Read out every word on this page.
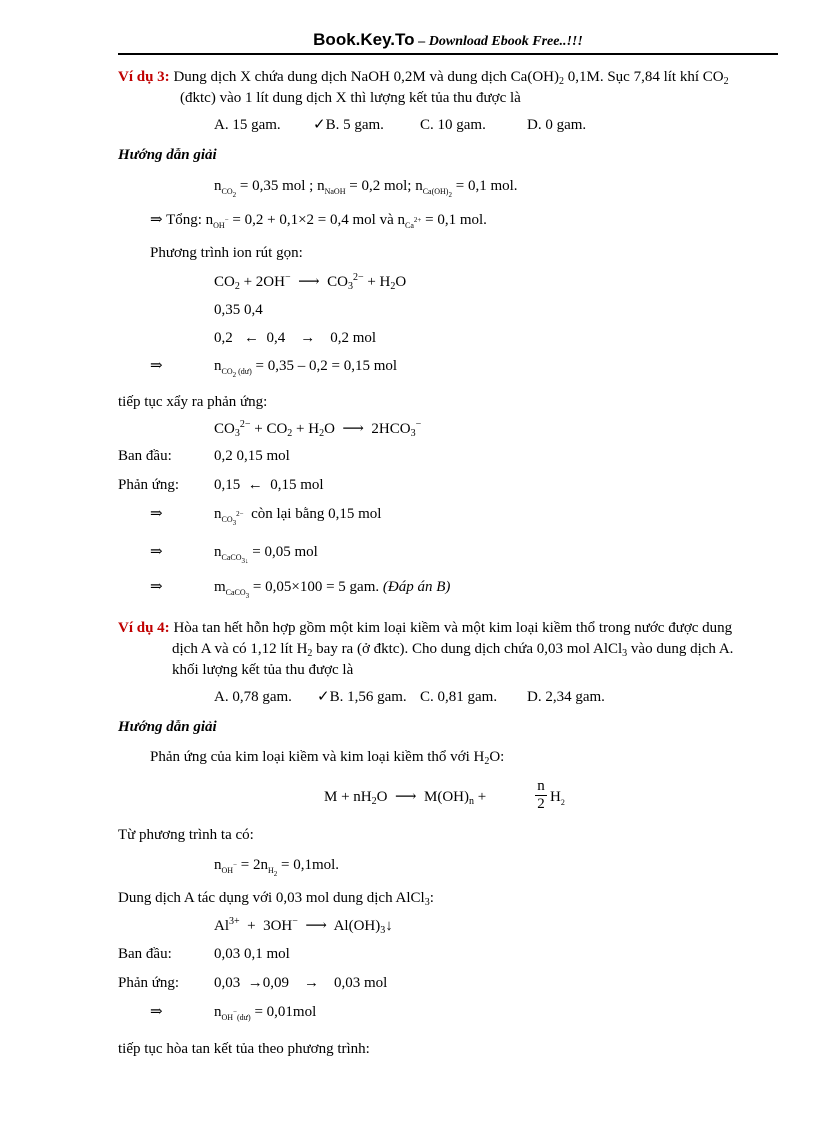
Book.Key.To – Download Ebook Free..!!!
Ví dụ 3: Dung dịch X chứa dung dịch NaOH 0,2M và dung dịch $Ca(OH)_2$ 0,1M. Sục 7,84 lít khí $CO_2$
(đktc) vào 1 lít dung dịch X thì lượng kết tủa thu được là
A. 15 gam. ✓B. 5 gam. C. 10 gam.	D. 0 gam.
Hướng dẫn giải
$n_{CO_2} = 0,35$ mol ; $n_{NaOH} = 0,2$ mol; $n_{Ca(OH)_2} = 0,1$ mol.
⇒ Tổng: $n_{OH^-} = 0,2 + 0,1\times 2 = 0,4$ mol và $n_{Ca^{2+}} = 0,1$ mol.
Phương trình ion rút gọn:
$CO_2 + 2OH^-$  ⟶  $CO_3^{2-} + H_2O$
0,35 0,4
0,2   ←  0,4    →    0,2 mol
⇒	$n_{CO_2 (dư)} = 0,35 - 0,2 = 0,15$ mol
tiếp tục xẩy ra phản ứng:
$CO_3^{2-} + CO_2 + H_2O$  ⟶  $2HCO_3^-$
Ban đầu:	0,2 0,15 mol
Phản ứng: 0,15  ←  0,15 mol
⇒	$n_{CO_3^{2-}}$ còn lại bằng 0,15 mol
⇒	$n_{CaCO_{3↓}} = 0,05$ mol
⇒	$m_{CaCO_3} = 0,05\times 100 = 5$ gam. (Đáp án B)
Ví dụ 4: Hòa tan hết hỗn hợp gồm một kim loại kiềm và một kim loại kiềm thổ trong nước được dung
dịch A và có 1,12 lít $H_2$ bay ra (ở đktc). Cho dung dịch chứa 0,03 mol AlCl$_3$ vào dung dịch A.
khối lượng kết tủa thu được là
A. 0,78 gam. ✓B. 1,56 gam. C. 0,81 gam. D. 2,34 gam.
Hướng dẫn giải
Phản ứng của kim loại kiềm và kim loại kiềm thổ với $H_2O$:
$M + nH_2O$  ⟶  $M(OH)_n$ +
n
2 $H_2$
Từ phương trình ta có:
$n_{OH^-} = 2n_{H_2} = 0,1mol$.
Dung dịch A tác dụng với 0,03 mol dung dịch AlCl$_3$:
$Al^{3+} + 3OH^-$  ⟶  $Al(OH)_3↓$
Ban đầu:	0,03 0,1 mol
Phản ứng: 0,03  →0,09    →    0,03 mol
⇒	$n_{OH^-(dư)} = 0,01mol$
tiếp tục hòa tan kết tủa theo phương trình:
